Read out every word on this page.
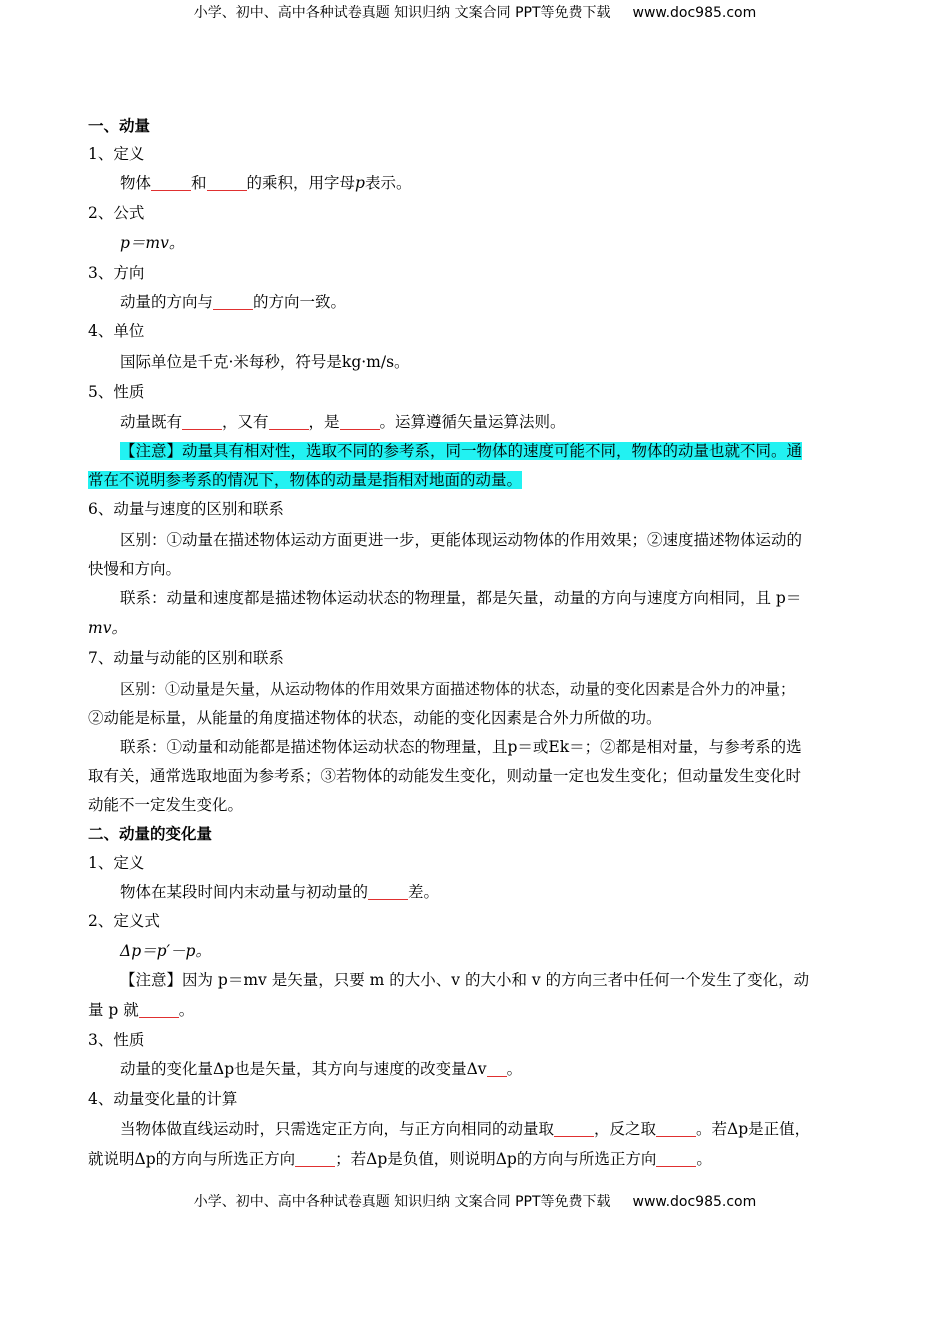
小学、初中、高中各种试卷真题 知识归纳 文案合同 PPT等免费下载 www.doc985.com
一、动量
1、定义
物体	和	的乘积，用字母p表示。
2、公式
p＝mv。
3、方向
动量的方向与	的方向一致。
4、单位
国际单位是千克·米每秒，符号是kg·m/s。
5、性质
动量既有	，又有	，是	。运算遵循矢量运算法则。
【注意】动量具有相对性，选取不同的参考系，同一物体的速度可能不同，物体的动量也就不同。通
常在不说明参考系的情况下，物体的动量是指相对地面的动量。
6、动量与速度的区别和联系
区别：①动量在描述物体运动方面更进一步，更能体现运动物体的作用效果；②速度描述物体运动的
快慢和方向。
联系：动量和速度都是描述物体运动状态的物理量，都是矢量，动量的方向与速度方向相同，且 p＝
mv。
7、动量与动能的区别和联系
区别：①动量是矢量，从运动物体的作用效果方面描述物体的状态，动量的变化因素是合外力的冲量；
②动能是标量，从能量的角度描述物体的状态，动能的变化因素是合外力所做的功。
联系：①动量和动能都是描述物体运动状态的物理量，且p＝或Ek＝；②都是相对量，与参考系的选
取有关，通常选取地面为参考系；③若物体的动能发生变化，则动量一定也发生变化；但动量发生变化时
动能不一定发生变化。
二、动量的变化量
1、定义
物体在某段时间内末动量与初动量的	差。
2、定义式
Δp＝p′－p。
【注意】因为 p＝mv 是矢量，只要 m 的大小、v 的大小和 v 的方向三者中任何一个发生了变化，动
量 p 就	。
3、性质
动量的变化量Δp也是矢量，其方向与速度的改变量Δv 。
4、动量变化量的计算
当物体做直线运动时，只需选定正方向，与正方向相同的动量取	，反之取	。若Δp是正值，
就说明Δp的方向与所选正方向	；若Δp是负值，则说明Δp的方向与所选正方向	。
小学、初中、高中各种试卷真题 知识归纳 文案合同 PPT等免费下载 www.doc985.com
